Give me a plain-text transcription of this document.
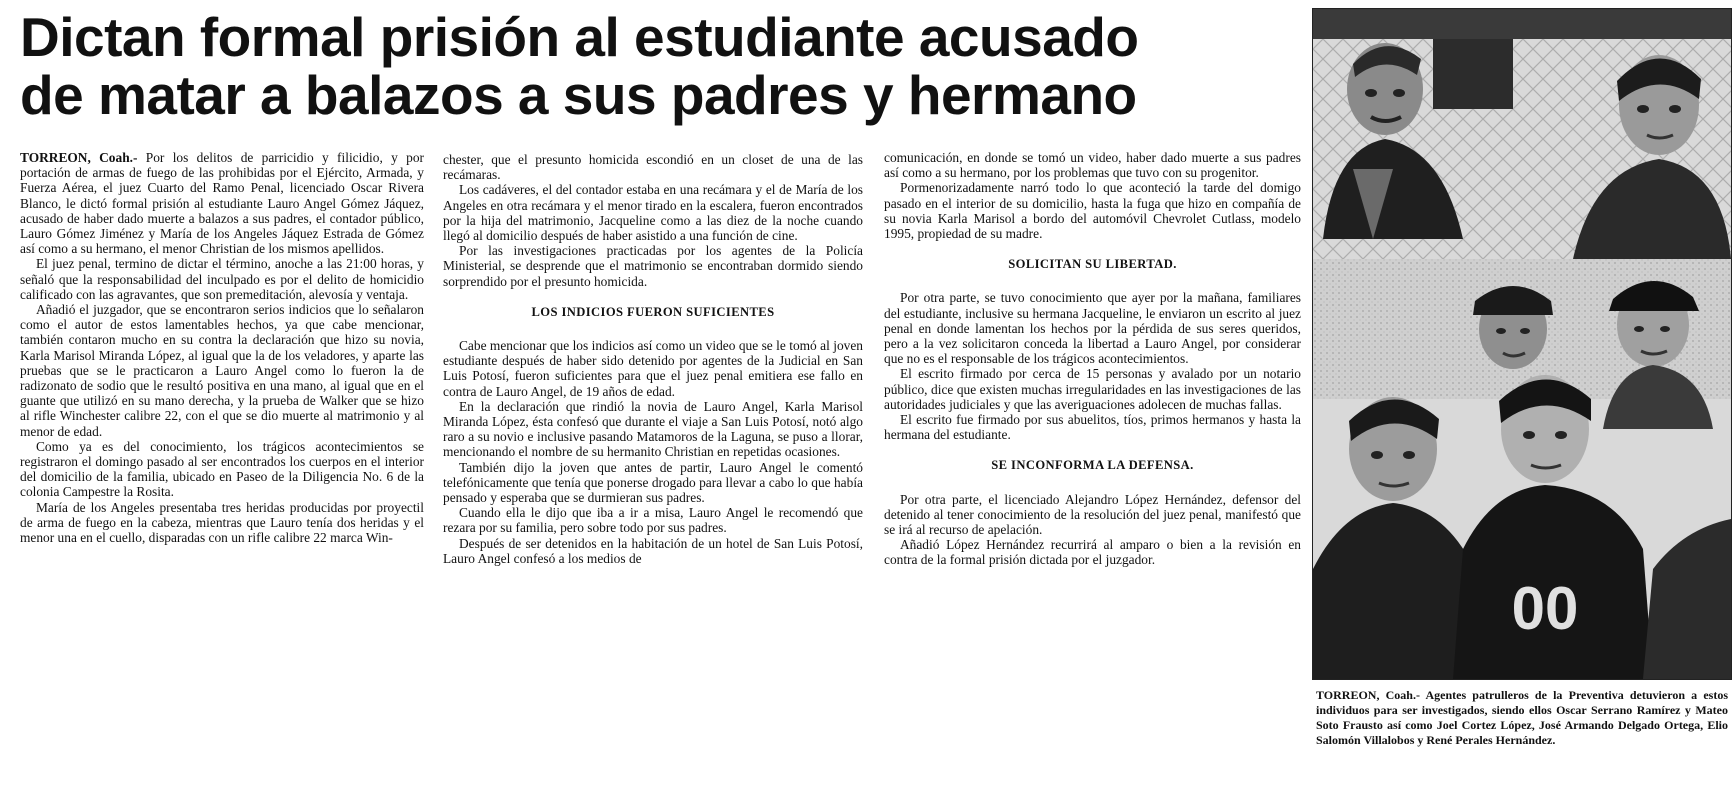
Dictan formal prisión al estudiante acusado
de matar a balazos a sus padres y hermano

TORREON, Coah.- Por los delitos de parricidio y filicidio, y por portación de armas de fuego de las prohibidas por el Ejército, Armada, y Fuerza Aérea, el juez Cuarto del Ramo Penal, licenciado Oscar Rivera Blanco, le dictó formal prisión al estudiante Lauro Angel Gómez Jáquez, acusado de haber dado muerte a balazos a sus padres, el contador público, Lauro Gómez Jiménez y María de los Angeles Jáquez Estrada de Gómez así como a su hermano, el menor Christian de los mismos apellidos.

El juez penal, termino de dictar el término, anoche a las 21:00 horas, y señaló que la responsabilidad del inculpado es por el delito de homicidio calificado con las agravantes, que son premeditación, alevosía y ventaja.

Añadió el juzgador, que se encontraron serios indicios que lo señalaron como el autor de estos lamentables hechos, ya que cabe mencionar, también contaron mucho en su contra la declaración que hizo su novia, Karla Marisol Miranda López, al igual que la de los veladores, y aparte las pruebas que se le practicaron a Lauro Angel como lo fueron la de radizonato de sodio que le resultó positiva en una mano, al igual que en el guante que utilizó en su mano derecha, y la prueba de Walker que se hizo al rifle Winchester calibre 22, con el que se dio muerte al matrimonio y al menor de edad.

Como ya es del conocimiento, los trágicos acontecimientos se registraron el domingo pasado al ser encontrados los cuerpos en el interior del domicilio de la familia, ubicado en Paseo de la Diligencia No. 6 de la colonia Campestre la Rosita.

María de los Angeles presentaba tres heridas producidas por proyectil de arma de fuego en la cabeza, mientras que Lauro tenía dos heridas y el menor una en el cuello, disparadas con un rifle calibre 22 marca Win-

chester, que el presunto homicida escondió en un closet de una de las recámaras.

Los cadáveres, el del contador estaba en una recámara y el de María de los Angeles en otra recámara y el menor tirado en la escalera, fueron encontrados por la hija del matrimonio, Jacqueline como a las diez de la noche cuando llegó al domicilio después de haber asistido a una función de cine.

Por las investigaciones practicadas por los agentes de la Policía Ministerial, se desprende que el matrimonio se encontraban dormido siendo sorprendido por el presunto homicida.

LOS INDICIOS FUERON SUFICIENTES

Cabe mencionar que los indicios así como un video que se le tomó al joven estudiante después de haber sido detenido por agentes de la Judicial en San Luis Potosí, fueron suficientes para que el juez penal emitiera ese fallo en contra de Lauro Angel, de 19 años de edad.

En la declaración que rindió la novia de Lauro Angel, Karla Marisol Miranda López, ésta confesó que durante el viaje a San Luis Potosí, notó algo raro a su novio e inclusive pasando Matamoros de la Laguna, se puso a llorar, mencionando el nombre de su hermanito Christian en repetidas ocasiones.

También dijo la joven que antes de partir, Lauro Angel le comentó telefónicamente que tenía que ponerse drogado para llevar a cabo lo que había pensado y esperaba que se durmieran sus padres.

Cuando ella le dijo que iba a ir a misa, Lauro Angel le recomendó que rezara por su familia, pero sobre todo por sus padres.

Después de ser detenidos en la habitación de un hotel de San Luis Potosí, Lauro Angel confesó a los medios de

comunicación, en donde se tomó un video, haber dado muerte a sus padres así como a su hermano, por los problemas que tuvo con su progenitor.

Pormenorizadamente narró todo lo que aconteció la tarde del domigo pasado en el interior de su domicilio, hasta la fuga que hizo en compañía de su novia Karla Marisol a bordo del automóvil Chevrolet Cutlass, modelo 1995, propiedad de su madre.

SOLICITAN SU LIBERTAD.

Por otra parte, se tuvo conocimiento que ayer por la mañana, familiares del estudiante, inclusive su hermana Jacqueline, le enviaron un escrito al juez penal en donde lamentan los hechos por la pérdida de sus seres queridos, pero a la vez solicitaron conceda la libertad a Lauro Angel, por considerar que no es el responsable de los trágicos acontecimientos.

El escrito firmado por cerca de 15 personas y avalado por un notario público, dice que existen muchas irregularidades en las investigaciones de las autoridades judiciales y que las averiguaciones adolecen de muchas fallas.

El escrito fue firmado por sus abuelitos, tíos, primos hermanos y hasta la hermana del estudiante.

SE INCONFORMA LA DEFENSA.

Por otra parte, el licenciado Alejandro López Hernández, defensor del detenido al tener conocimiento de la resolución del juez penal, manifestó que se irá al recurso de apelación.

Añadió López Hernández recurrirá al amparo o bien a la revisión en contra de la formal prisión dictada por el juzgador.

00
TORREON, Coah.- Agentes patrulleros de la Preventiva detuvieron a estos individuos para ser investigados, siendo ellos Oscar Serrano Ramírez y Mateo Soto Frausto así como Joel Cortez López, José Armando Delgado Ortega, Elio Salomón Villalobos y René Perales Hernández.
